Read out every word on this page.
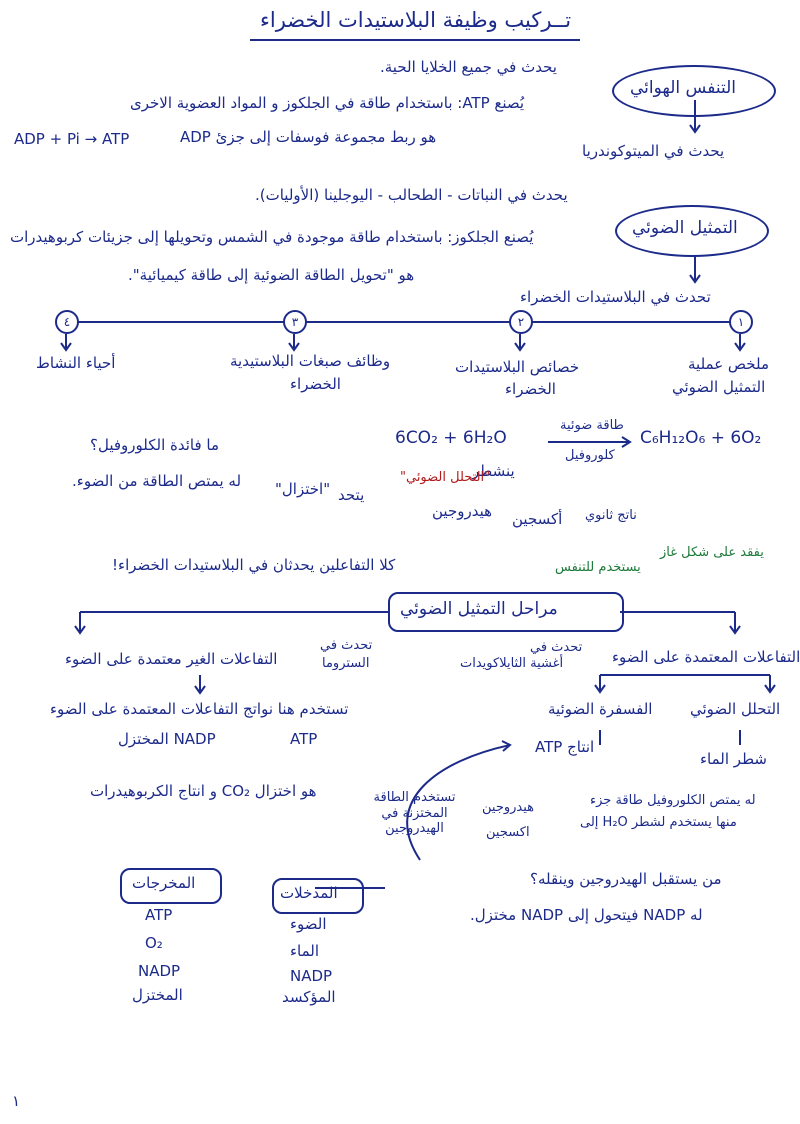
تــركيب وظيفة البلاستيدات الخضراء
التنفس الهوائي
يحدث في جميع الخلايا الحية.
يُصنع ATP: باستخدام طاقة في الجلكوز و المواد العضوية الاخرى
ADP + Pi → ATP	هو ربط مجموعة فوسفات إلى جزئ ADP
يحدث في الميتوكوندريا
التمثيل الضوئي
يحدث في النباتات - الطحالب - اليوجلينا (الأوليات).
يُصنع الجلكوز: باستخدام طاقة موجودة في الشمس وتحويلها إلى جزيئات كربوهيدرات
هو "تحويل الطاقة الضوئية إلى طاقة كيميائية".
تحدث في البلاستيدات الخضراء
٤	٣	٢	١
أحياء النشاط	وظائف صبغات البلاستيدية
الخضراء
خصائص البلاستيدات
الخضراء
ملخص عملية
التمثيل الضوئي
ما فائدة الكلوروفيل؟
له يمتص الطاقة من الضوء.
6CO₂ + 6H₂O
طاقة ضوئية
كلوروفيل
C₆H₁₂O₆ + 6O₂
ينشطر
"التحلل الضوئي"
هيدروجين أكسجين
يتحد
"اختزال"
ناتج ثانوي
يستخدم للتنفس
يفقد على شكل غاز
كلا التفاعلين يحدثان في البلاستيدات الخضراء!
مراحل التمثيل الضوئي
التفاعلات المعتمدة على الضوء
تحدث في
أغشية الثايلاكويدات
التفاعلات الغير معتمدة على الضوء
تحدث في
الستروما
التحلل الضوئي
شطر الماء
الفسفرة الضوئية
انتاج ATP
تستخدم هنا نواتج التفاعلات المعتمدة على الضوء
ATP
NADP المختزل
هو اختزال CO₂ و انتاج الكربوهيدرات
له يمتص الكلوروفيل طاقة جزء
منها يستخدم لشطر H₂O إلى
هيدروجين
اكسجين
تستخدم الطاقة المختزنة في الهيدروجين
من يستقبل الهيدروجين وينقله؟
له NADP فيتحول إلى NADP مختزل.
المخرجات
ATP
O₂
NADP
المختزل
المدخلات
الضوء
الماء
NADP
المؤكسد
١
